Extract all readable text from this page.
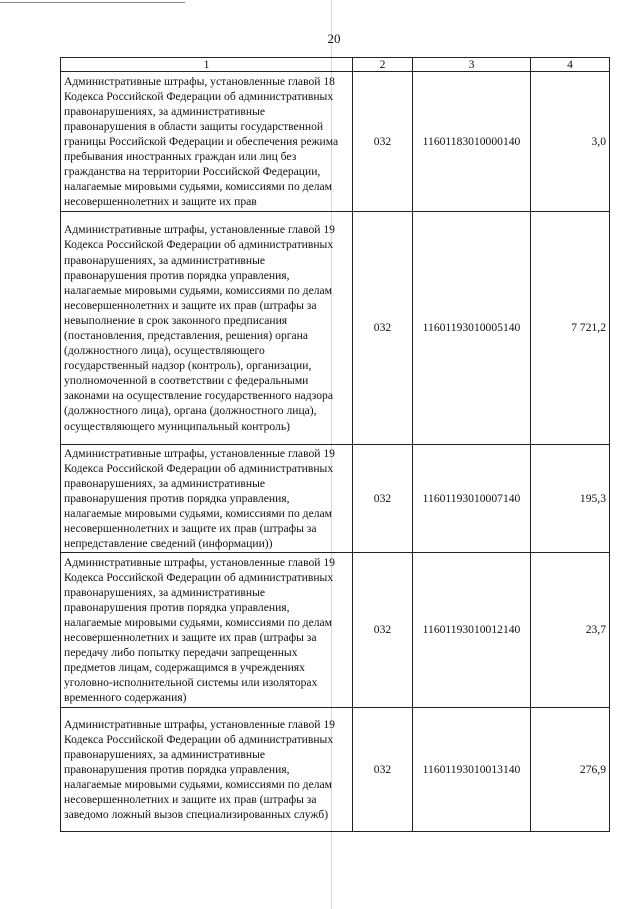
20
1	2	3	4
Административные штрафы, установленные главой 18 Кодекса Российской Федерации об административных правонарушениях, за административные правонарушения в области защиты государственной границы Российской Федерации и обеспечения режима пребывания иностранных граждан или лиц без гражданства на территории Российской Федерации, налагаемые мировыми судьями, комиссиями по делам несовершеннолетних и защите их прав	032	11601183010000140	3,0
Административные штрафы, установленные главой 19 Кодекса Российской Федерации об административных правонарушениях, за административные правонарушения против порядка управления, налагаемые мировыми судьями, комиссиями по делам несовершеннолетних и защите их прав (штрафы за невыполнение в срок законного предписания (постановления, представления, решения) органа (должностного лица), осуществляющего государственный надзор (контроль), организации, уполномоченной в соответствии с федеральными законами на осуществление государственного надзора (должностного лица), органа (должностного лица), осуществляющего муниципальный контроль)	032	11601193010005140	7 721,2
Административные штрафы, установленные главой 19 Кодекса Российской Федерации об административных правонарушениях, за административные правонарушения против порядка управления, налагаемые мировыми судьями, комиссиями по делам несовершеннолетних и защите их прав (штрафы за непредставление сведений (информации))	032	11601193010007140	195,3
Административные штрафы, установленные главой 19 Кодекса Российской Федерации об административных правонарушениях, за административные правонарушения против порядка управления, налагаемые мировыми судьями, комиссиями по делам несовершеннолетних и защите их прав (штрафы за передачу либо попытку передачи запрещенных предметов лицам, содержащимся в учреждениях уголовно-исполнительной системы или изоляторах временного содержания)	032	11601193010012140	23,7
Административные штрафы, установленные главой 19 Кодекса Российской Федерации об административных правонарушениях, за административные правонарушения против порядка управления, налагаемые мировыми судьями, комиссиями по делам несовершеннолетних и защите их прав (штрафы за заведомо ложный вызов специализированных служб)	032	11601193010013140	276,9
